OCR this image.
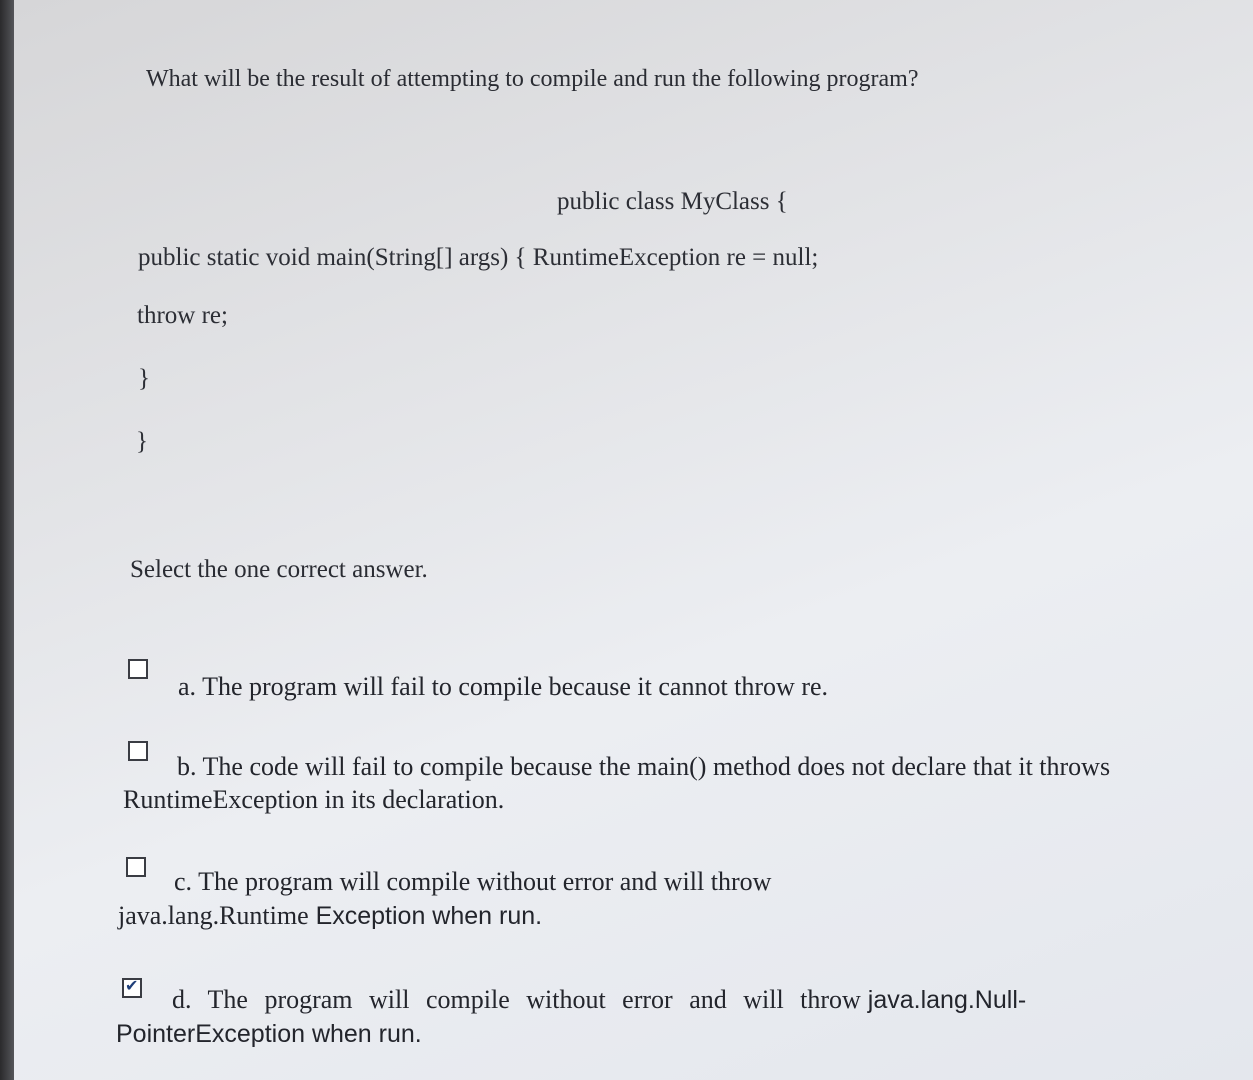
What will be the result of attempting to compile and run the following program?
public class MyClass {
public static void main(String[] args) { RuntimeException re = null;
throw re;
}
}
Select the one correct answer.
a. The program will fail to compile because it cannot throw re.
b. The code will fail to compile because the main() method does not declare that it throws
RuntimeException in its declaration.
c. The program will compile without error and will throw
java.lang.Runtime Exception when run.
✔
d. The program will compile without error and will throw java.lang.Null-
PointerException when run.
